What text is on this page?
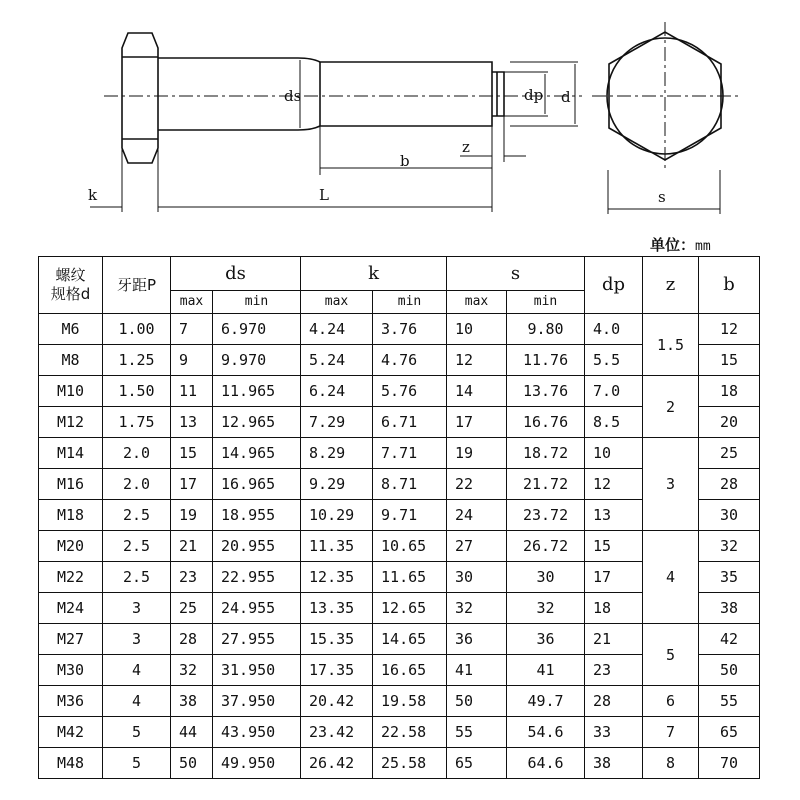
k	L
ds
b
z
dp d
s
单位：mm
螺纹
规格d	牙距P	ds		k		s		dp	z	b
		max	min	max	min	max	min			
M6	1.00	7	6.970	4.24	3.76	10	9.80	4.0	1.5	12
M8	1.25	9	9.970	5.24	4.76	12	11.76	5.5		15
M10	1.50	11	11.965	6.24	5.76	14	13.76	7.0	2	18
M12	1.75	13	12.965	7.29	6.71	17	16.76	8.5		20
M14	2.0	15	14.965	8.29	7.71	19	18.72	10	3	25
M16	2.0	17	16.965	9.29	8.71	22	21.72	12		28
M18	2.5	19	18.955	10.29	9.71	24	23.72	13		30
M20	2.5	21	20.955	11.35	10.65	27	26.72	15	4	32
M22	2.5	23	22.955	12.35	11.65	30	30	17		35
M24	3	25	24.955	13.35	12.65	32	32	18		38
M27	3	28	27.955	15.35	14.65	36	36	21	5	42
M30	4	32	31.950	17.35	16.65	41	41	23		50
M36	4	38	37.950	20.42	19.58	50	49.7	28	6	55
M42	5	44	43.950	23.42	22.58	55	54.6	33	7	65
M48	5	50	49.950	26.42	25.58	65	64.6	38	8	70
